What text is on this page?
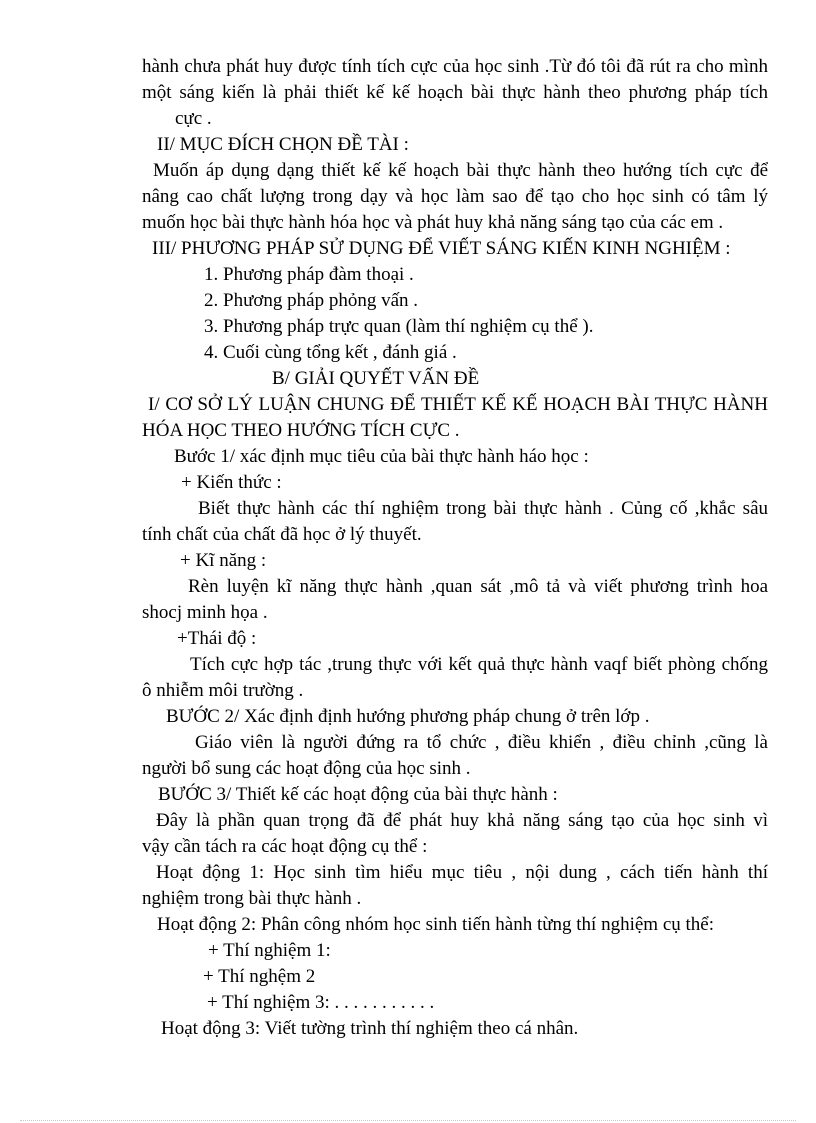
hành chưa phát huy được tính tích cực của học sinh .Từ đó tôi đã rút ra cho mình
một sáng kiến là phải thiết kế kế hoạch bài thực hành theo phương pháp tích
cực .
II/ MỤC ĐÍCH CHỌN ĐỀ TÀI :
Muốn áp dụng dạng thiết kế kế hoạch bài thực hành theo hướng tích cực để
nâng cao chất lượng trong dạy và học làm sao để tạo cho học sinh có tâm lý
muốn học bài thực hành hóa học và phát huy khả năng sáng tạo của các em .
III/ PHƯƠNG PHÁP SỬ DỤNG ĐỂ VIẾT SÁNG KIẾN KINH NGHIỆM :
1. Phương pháp đàm thoại .
2. Phương pháp phỏng vấn .
3. Phương pháp trực quan (làm thí nghiệm cụ thể ).
4. Cuối cùng tổng kết , đánh giá .
B/ GIẢI QUYẾT VẤN ĐỀ
I/ CƠ SỞ LÝ LUẬN CHUNG ĐỂ THIẾT KẾ KẾ HOẠCH BÀI THỰC HÀNH
HÓA HỌC THEO HƯỚNG TÍCH CỰC .
Bước 1/ xác định mục tiêu của bài thực hành háo học :
+ Kiến thức :
Biết thực hành các thí nghiệm trong bài thực hành . Củng cố ,khắc sâu
tính chất của chất đã học ở lý thuyết.
+ Kĩ năng :
Rèn luyện kĩ năng thực hành ,quan sát ,mô tả và viết phương trình hoa
shocj minh họa .
+Thái độ :
Tích cực hợp tác ,trung thực với kết quả thực hành vaqf biết phòng chống
ô nhiễm môi trường .
BƯỚC 2/ Xác định định hướng phương pháp chung ở trên lớp .
Giáo viên là người đứng ra tổ chức , điều khiển , điều chỉnh ,cũng là
người bổ sung các hoạt động của học sinh .
BƯỚC 3/ Thiết kế các hoạt động của bài thực hành :
Đây là phần quan trọng đã để phát huy khả năng sáng tạo của học sinh vì
vậy cần tách ra các hoạt động cụ thể :
Hoạt động 1: Học sinh tìm hiểu mục tiêu , nội dung , cách tiến hành thí
nghiệm trong bài thực hành .
Hoạt động 2: Phân công nhóm học sinh tiến hành từng thí nghiệm cụ thể:
+ Thí nghiệm 1:
+ Thí nghệm 2
+ Thí nghiệm 3: . . . . . . . . . . .
Hoạt động 3: Viết tường trình thí nghiệm theo cá nhân.
